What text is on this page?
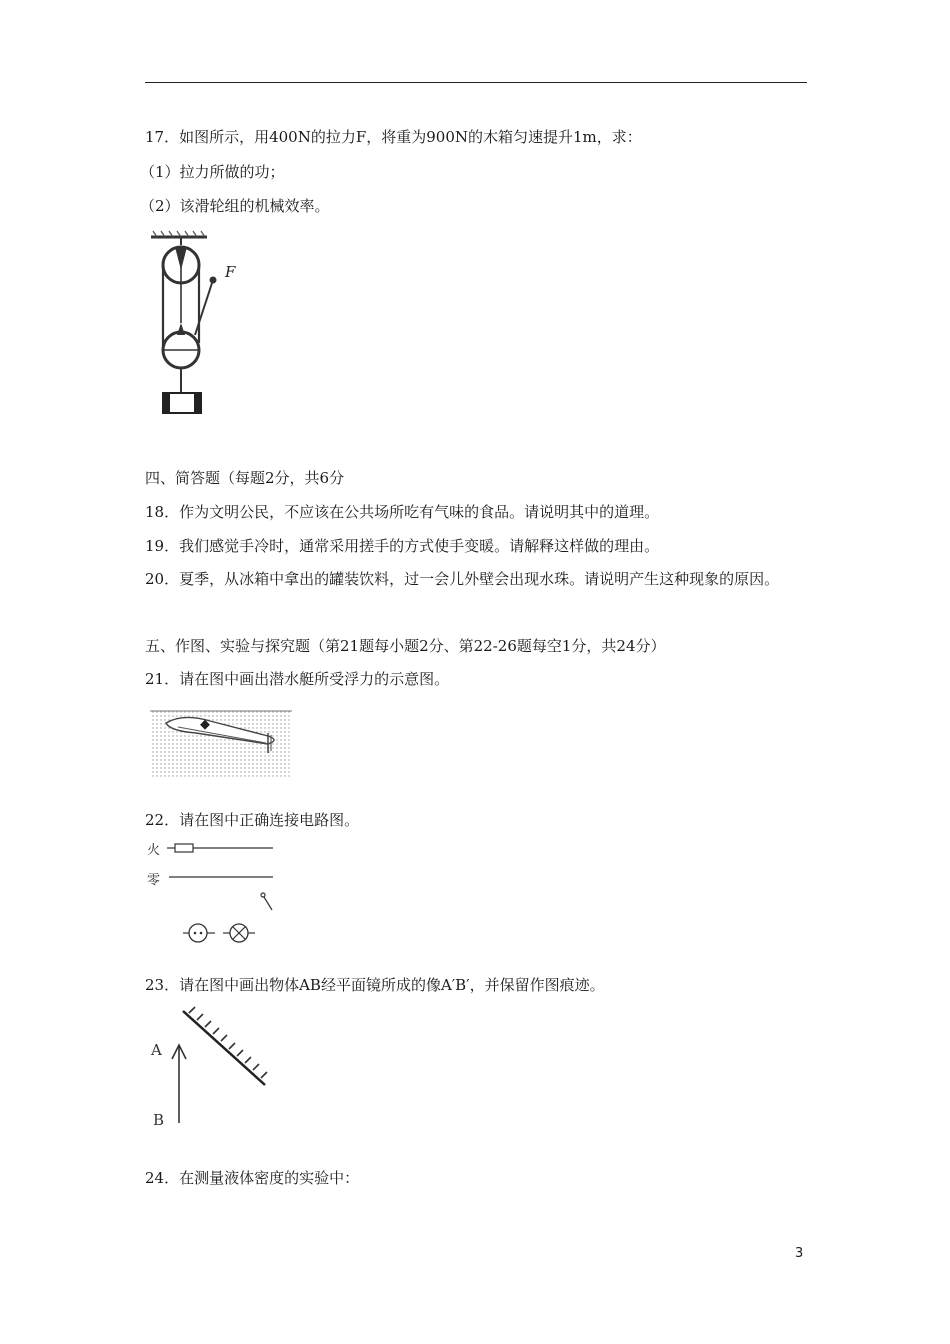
17．如图所示，用400N的拉力F，将重为900N的木箱匀速提升1m，求：
（1）拉力所做的功；
（2）该滑轮组的机械效率。
F
四、简答题（每题2分，共6分
18．作为文明公民，不应该在公共场所吃有气味的食品。请说明其中的道理。
19．我们感觉手冷时，通常采用搓手的方式使手变暖。请解释这样做的理由。
20．夏季，从冰箱中拿出的罐装饮料，过一会儿外壁会出现水珠。请说明产生这种现象的原因。
五、作图、实验与探究题（第21题每小题2分、第22-26题每空1分，共24分）
21．请在图中画出潜水艇所受浮力的示意图。
22．请在图中正确连接电路图。
火
零
23．请在图中画出物体AB经平面镜所成的像A′B′，并保留作图痕迹。
A
B
24．在测量液体密度的实验中：
3
